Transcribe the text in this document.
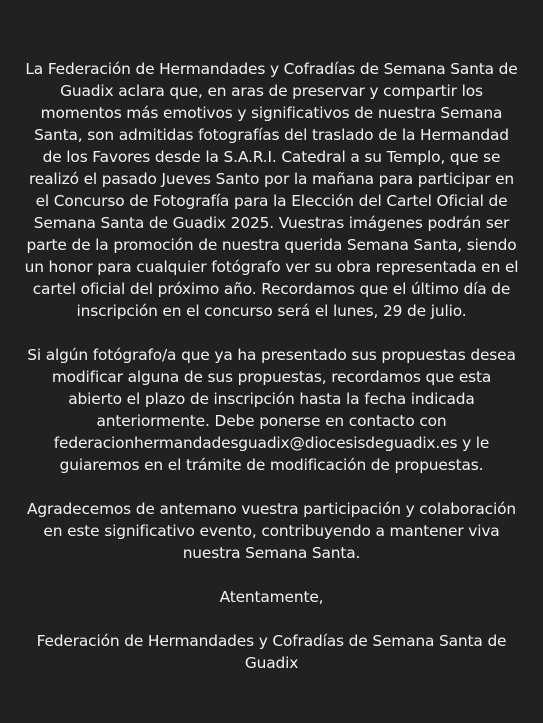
La Federación de Hermandades y Cofradías de Semana Santa de Guadix aclara que, en aras de preservar y compartir los momentos más emotivos y significativos de nuestra Semana Santa, son admitidas fotografías del traslado de la Hermandad de los Favores desde la S.A.R.I. Catedral a su Templo, que se realizó el pasado Jueves Santo por la mañana para participar en el Concurso de Fotografía para la Elección del Cartel Oficial de Semana Santa de Guadix 2025. Vuestras imágenes podrán ser parte de la promoción de nuestra querida Semana Santa, siendo un honor para cualquier fotógrafo ver su obra representada en el cartel oficial del próximo año. Recordamos que el último día de inscripción en el concurso será el lunes, 29 de julio.

Si algún fotógrafo/a que ya ha presentado sus propuestas desea modificar alguna de sus propuestas, recordamos que esta abierto el plazo de inscripción hasta la fecha indicada anteriormente. Debe ponerse en contacto con federacionhermandadesguadix@diocesisdeguadix.es y le guiaremos en el trámite de modificación de propuestas.

Agradecemos de antemano vuestra participación y colaboración en este significativo evento, contribuyendo a mantener viva nuestra Semana Santa.

Atentamente,

Federación de Hermandades y Cofradías de Semana Santa de Guadix
